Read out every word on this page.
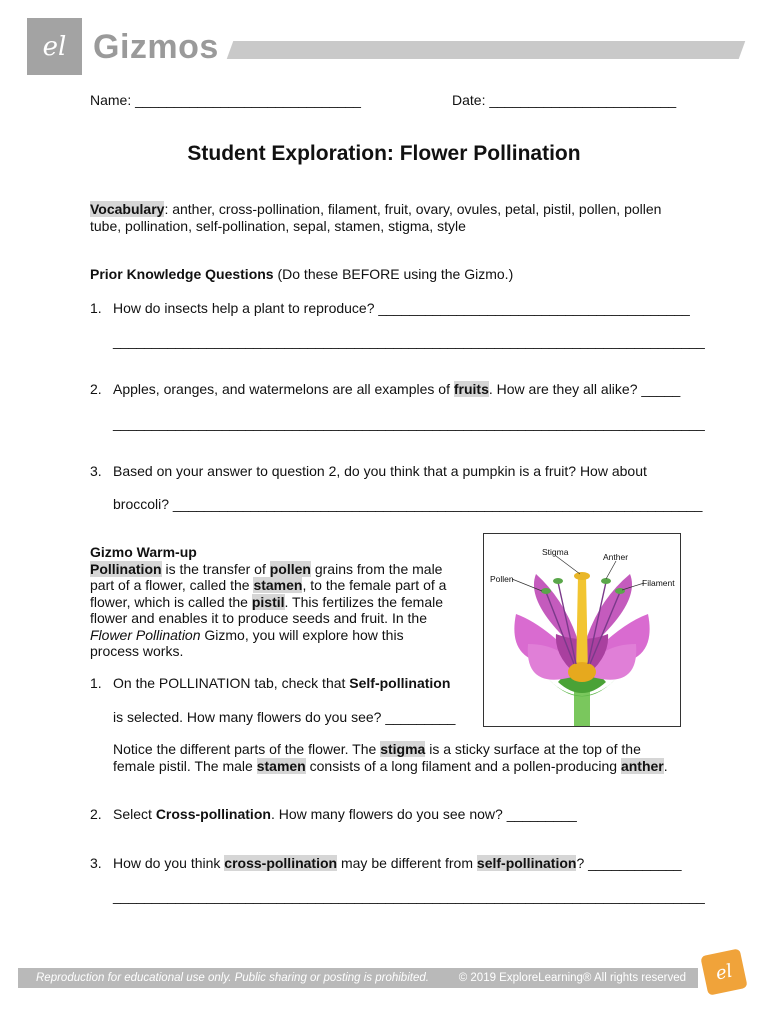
el Gizmos
Name: _____________________________	Date: ________________________
Student Exploration: Flower Pollination
Vocabulary: anther, cross-pollination, filament, fruit, ovary, ovules, petal, pistil, pollen, pollen
tube, pollination, self-pollination, sepal, stamen, stigma, style
Prior Knowledge Questions (Do these BEFORE using the Gizmo.)
1. How do insects help a plant to reproduce? ________________________________________
____________________________________________________________________________
2. Apples, oranges, and watermelons are all examples of fruits. How are they all alike? _____
____________________________________________________________________________
3. Based on your answer to question 2, do you think that a pumpkin is a fruit? How about
broccoli? ____________________________________________________________________
Gizmo Warm-up
Pollination is the transfer of pollen grains from the male part of a flower, called the stamen, to the female part of a flower, which is called the pistil. This fertilizes the female flower and enables it to produce seeds and fruit. In the Flower Pollination Gizmo, you will explore how this process works.
Stigma	Anther
Pollen	Filament
1. On the POLLINATION tab, check that Self-pollination
is selected. How many flowers do you see? _________
Notice the different parts of the flower. The stigma is a sticky surface at the top of the
female pistil. The male stamen consists of a long filament and a pollen-producing anther.
2. Select Cross-pollination. How many flowers do you see now? _________
3. How do you think cross-pollination may be different from self-pollination? ____________
____________________________________________________________________________
Reproduction for educational use only. Public sharing or posting is prohibited.	© 2019 ExploreLearning® All rights reserved el
